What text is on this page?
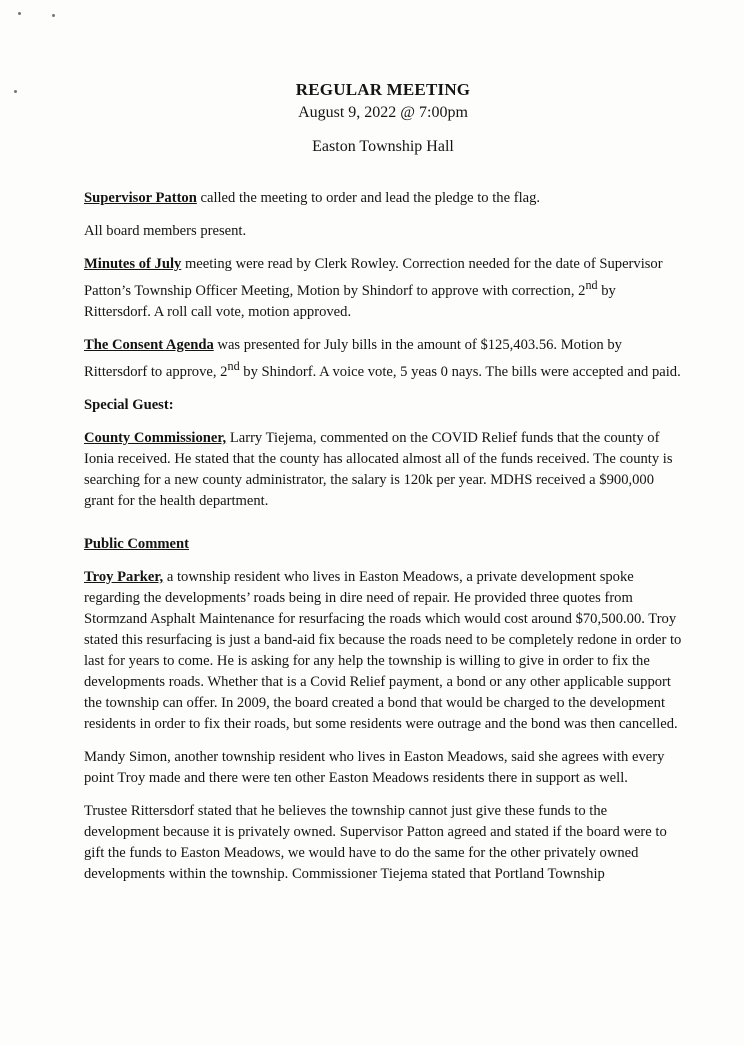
REGULAR MEETING
August 9, 2022 @ 7:00pm
Easton Township Hall

Supervisor Patton called the meeting to order and lead the pledge to the flag.

All board members present.

Minutes of July meeting were read by Clerk Rowley. Correction needed for the date of Supervisor Patton’s Township Officer Meeting, Motion by Shindorf to approve with correction, 2nd by Rittersdorf. A roll call vote, motion approved.

The Consent Agenda was presented for July bills in the amount of $125,403.56. Motion by Rittersdorf to approve, 2nd by Shindorf. A voice vote, 5 yeas 0 nays. The bills were accepted and paid.

Special Guest:

County Commissioner, Larry Tiejema, commented on the COVID Relief funds that the county of Ionia received. He stated that the county has allocated almost all of the funds received. The county is searching for a new county administrator, the salary is 120k per year. MDHS received a $900,000 grant for the health department.

Public Comment

Troy Parker, a township resident who lives in Easton Meadows, a private development spoke regarding the developments’ roads being in dire need of repair. He provided three quotes from Stormzand Asphalt Maintenance for resurfacing the roads which would cost around $70,500.00. Troy stated this resurfacing is just a band-aid fix because the roads need to be completely redone in order to last for years to come. He is asking for any help the township is willing to give in order to fix the developments roads. Whether that is a Covid Relief payment, a bond or any other applicable support the township can offer. In 2009, the board created a bond that would be charged to the development residents in order to fix their roads, but some residents were outrage and the bond was then cancelled.

Mandy Simon, another township resident who lives in Easton Meadows, said she agrees with every point Troy made and there were ten other Easton Meadows residents there in support as well.

Trustee Rittersdorf stated that he believes the township cannot just give these funds to the development because it is privately owned. Supervisor Patton agreed and stated if the board were to gift the funds to Easton Meadows, we would have to do the same for the other privately owned developments within the township. Commissioner Tiejema stated that Portland Township
